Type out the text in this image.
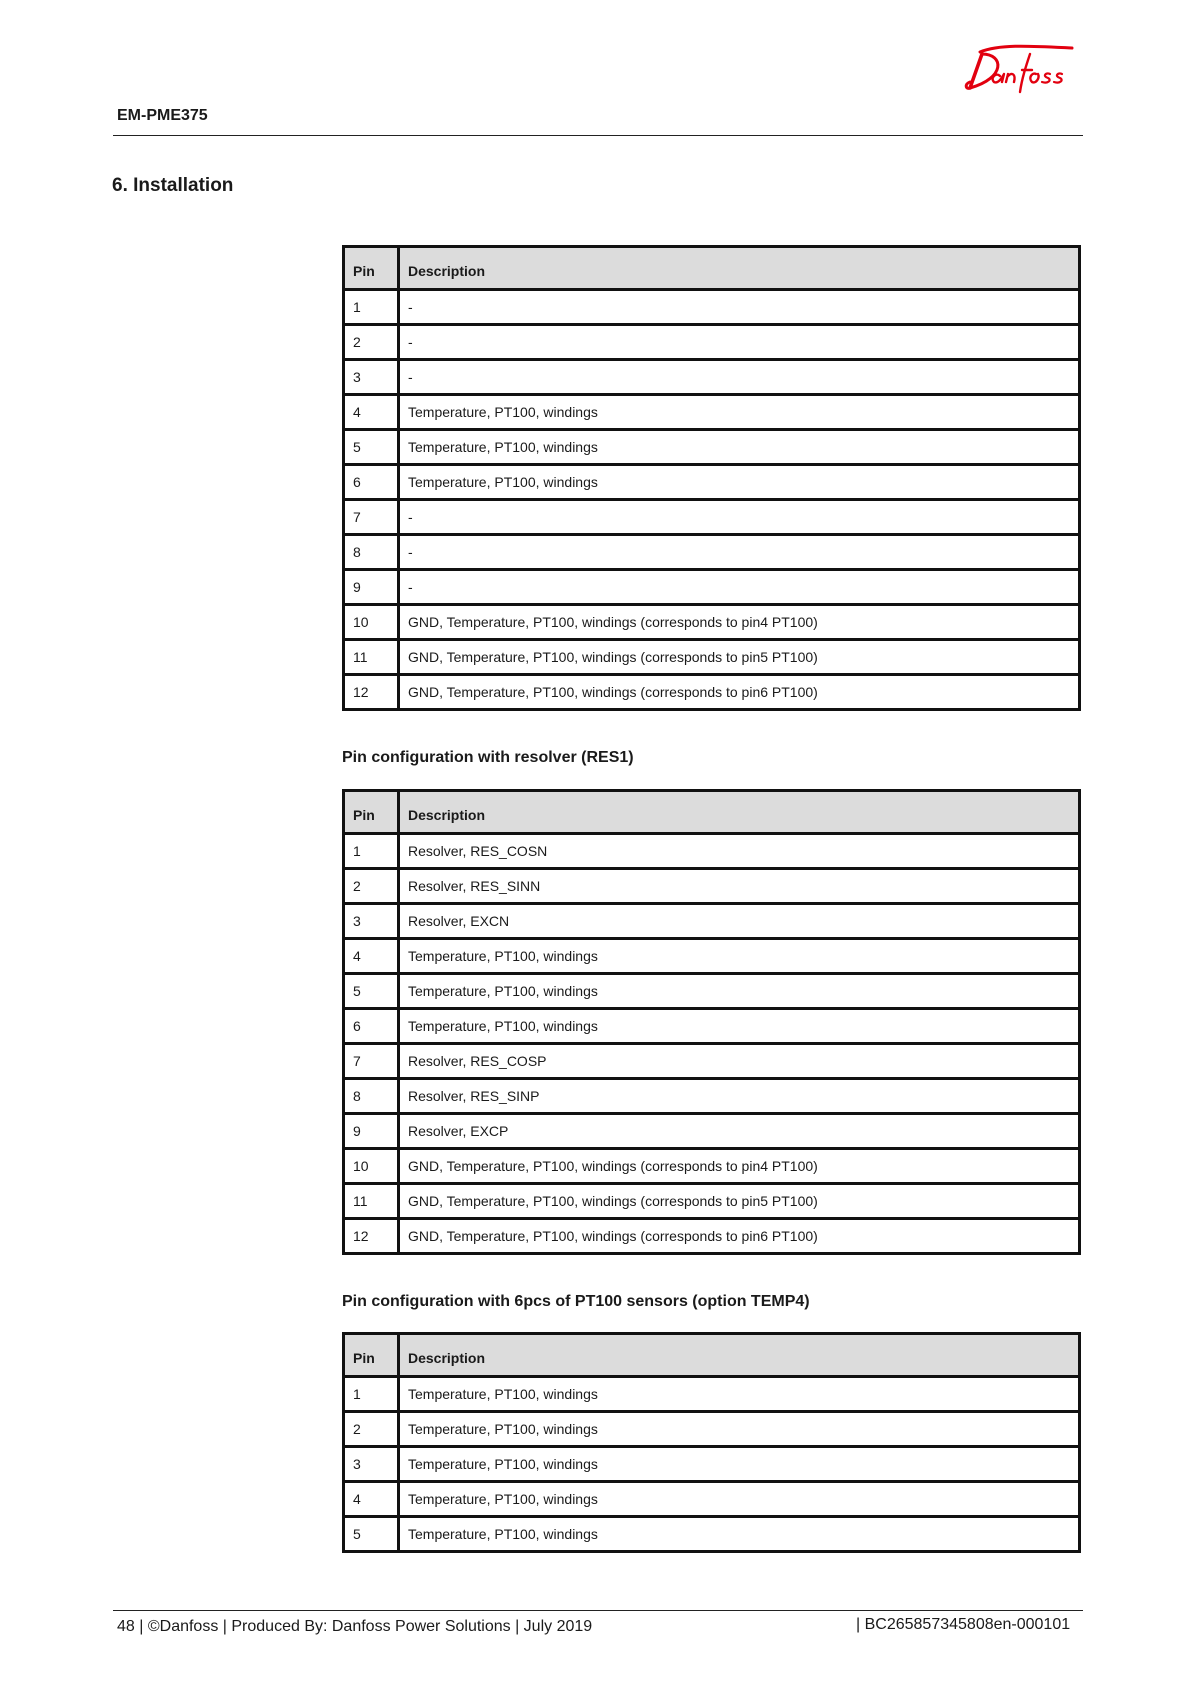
EM-PME375
6. Installation
Pin	Description
1	-
2	-
3	-
4	Temperature, PT100, windings
5	Temperature, PT100, windings
6	Temperature, PT100, windings
7	-
8	-
9	-
10	GND, Temperature, PT100, windings (corresponds to pin4 PT100)
11	GND, Temperature, PT100, windings (corresponds to pin5 PT100)
12	GND, Temperature, PT100, windings (corresponds to pin6 PT100)
Pin configuration with resolver (RES1)
Pin	Description
1	Resolver, RES_COSN
2	Resolver, RES_SINN
3	Resolver, EXCN
4	Temperature, PT100, windings
5	Temperature, PT100, windings
6	Temperature, PT100, windings
7	Resolver, RES_COSP
8	Resolver, RES_SINP
9	Resolver, EXCP
10	GND, Temperature, PT100, windings (corresponds to pin4 PT100)
11	GND, Temperature, PT100, windings (corresponds to pin5 PT100)
12	GND, Temperature, PT100, windings (corresponds to pin6 PT100)
Pin configuration with 6pcs of PT100 sensors (option TEMP4)
Pin	Description
1	Temperature, PT100, windings
2	Temperature, PT100, windings
3	Temperature, PT100, windings
4	Temperature, PT100, windings
5	Temperature, PT100, windings
48 | ©Danfoss | Produced By: Danfoss Power Solutions | July 2019	| BC265857345808en-000101
